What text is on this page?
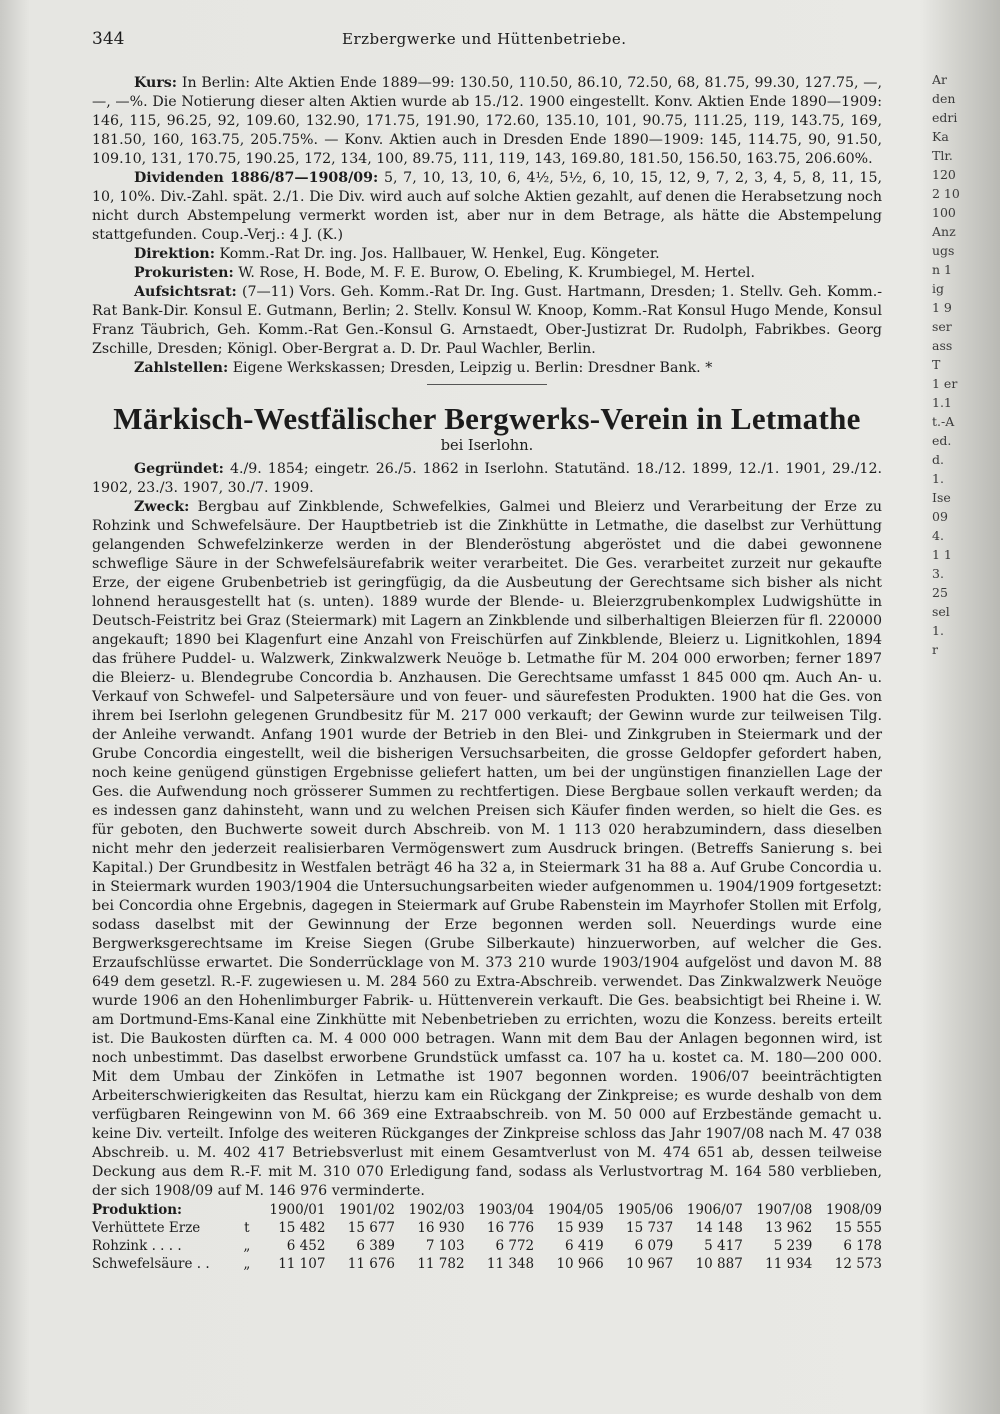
344	Erzbergwerke und Hüttenbetriebe.

Kurs: In Berlin: Alte Aktien Ende 1889—99: 130.50, 110.50, 86.10, 72.50, 68, 81.75, 99.30, 127.75, —, —, —%. Die Notierung dieser alten Aktien wurde ab 15./12. 1900 eingestellt. Konv. Aktien Ende 1890—1909: 146, 115, 96.25, 92, 109.60, 132.90, 171.75, 191.90, 172.60, 135.10, 101, 90.75, 111.25, 119, 143.75, 169, 181.50, 160, 163.75, 205.75%. — Konv. Aktien auch in Dresden Ende 1890—1909: 145, 114.75, 90, 91.50, 109.10, 131, 170.75, 190.25, 172, 134, 100, 89.75, 111, 119, 143, 169.80, 181.50, 156.50, 163.75, 206.60%.

Dividenden 1886/87—1908/09: 5, 7, 10, 13, 10, 6, 4½, 5½, 6, 10, 15, 12, 9, 7, 2, 3, 4, 5, 8, 11, 15, 10, 10%. Div.-Zahl. spät. 2./1. Die Div. wird auch auf solche Aktien gezahlt, auf denen die Herabsetzung noch nicht durch Abstempelung vermerkt worden ist, aber nur in dem Betrage, als hätte die Abstempelung stattgefunden. Coup.-Verj.: 4 J. (K.)

Direktion: Komm.-Rat Dr. ing. Jos. Hallbauer, W. Henkel, Eug. Köngeter.

Prokuristen: W. Rose, H. Bode, M. F. E. Burow, O. Ebeling, K. Krumbiegel, M. Hertel.

Aufsichtsrat: (7—11) Vors. Geh. Komm.-Rat Dr. Ing. Gust. Hartmann, Dresden; 1. Stellv. Geh. Komm.-Rat Bank-Dir. Konsul E. Gutmann, Berlin; 2. Stellv. Konsul W. Knoop, Komm.-Rat Konsul Hugo Mende, Konsul Franz Täubrich, Geh. Komm.-Rat Gen.-Konsul G. Arnstaedt, Ober-Justizrat Dr. Rudolph, Fabrikbes. Georg Zschille, Dresden; Königl. Ober-Bergrat a. D. Dr. Paul Wachler, Berlin.

Zahlstellen: Eigene Werkskassen; Dresden, Leipzig u. Berlin: Dresdner Bank. *

Märkisch-Westfälischer Bergwerks-Verein in Letmathe
bei Iserlohn.

Gegründet: 4./9. 1854; eingetr. 26./5. 1862 in Iserlohn. Statutänd. 18./12. 1899, 12./1. 1901, 29./12. 1902, 23./3. 1907, 30./7. 1909.

Zweck: Bergbau auf Zinkblende, Schwefelkies, Galmei und Bleierz und Verarbeitung der Erze zu Rohzink und Schwefelsäure. Der Hauptbetrieb ist die Zinkhütte in Letmathe, die daselbst zur Verhüttung gelangenden Schwefelzinkerze werden in der Blenderöstung abgeröstet und die dabei gewonnene schweflige Säure in der Schwefelsäurefabrik weiter verarbeitet. Die Ges. verarbeitet zurzeit nur gekaufte Erze, der eigene Grubenbetrieb ist geringfügig, da die Ausbeutung der Gerechtsame sich bisher als nicht lohnend herausgestellt hat (s. unten). 1889 wurde der Blende- u. Bleierzgrubenkomplex Ludwigshütte in Deutsch-Feistritz bei Graz (Steiermark) mit Lagern an Zinkblende und silberhaltigen Bleierzen für fl. 220000 angekauft; 1890 bei Klagenfurt eine Anzahl von Freischürfen auf Zinkblende, Bleierz u. Lignitkohlen, 1894 das frühere Puddel- u. Walzwerk, Zinkwalzwerk Neuöge b. Letmathe für M. 204 000 erworben; ferner 1897 die Bleierz- u. Blendegrube Concordia b. Anzhausen. Die Gerechtsame umfasst 1 845 000 qm. Auch An- u. Verkauf von Schwefel- und Salpetersäure und von feuer- und säurefesten Produkten. 1900 hat die Ges. von ihrem bei Iserlohn gelegenen Grundbesitz für M. 217 000 verkauft; der Gewinn wurde zur teilweisen Tilg. der Anleihe verwandt. Anfang 1901 wurde der Betrieb in den Blei- und Zinkgruben in Steiermark und der Grube Concordia eingestellt, weil die bisherigen Versuchsarbeiten, die grosse Geldopfer gefordert haben, noch keine genügend günstigen Ergebnisse geliefert hatten, um bei der ungünstigen finanziellen Lage der Ges. die Aufwendung noch grösserer Summen zu rechtfertigen. Diese Bergbaue sollen verkauft werden; da es indessen ganz dahinsteht, wann und zu welchen Preisen sich Käufer finden werden, so hielt die Ges. es für geboten, den Buchwerte soweit durch Abschreib. von M. 1 113 020 herabzumindern, dass dieselben nicht mehr den jederzeit realisierbaren Vermögenswert zum Ausdruck bringen. (Betreffs Sanierung s. bei Kapital.) Der Grundbesitz in Westfalen beträgt 46 ha 32 a, in Steiermark 31 ha 88 a. Auf Grube Concordia u. in Steiermark wurden 1903/1904 die Untersuchungsarbeiten wieder aufgenommen u. 1904/1909 fortgesetzt: bei Concordia ohne Ergebnis, dagegen in Steiermark auf Grube Rabenstein im Mayrhofer Stollen mit Erfolg, sodass daselbst mit der Gewinnung der Erze begonnen werden soll. Neuerdings wurde eine Bergwerksgerechtsame im Kreise Siegen (Grube Silberkaute) hinzuerworben, auf welcher die Ges. Erzaufschlüsse erwartet. Die Sonderrücklage von M. 373 210 wurde 1903/1904 aufgelöst und davon M. 88 649 dem gesetzl. R.-F. zugewiesen u. M. 284 560 zu Extra-Abschreib. verwendet. Das Zinkwalzwerk Neuöge wurde 1906 an den Hohenlimburger Fabrik- u. Hüttenverein verkauft. Die Ges. beabsichtigt bei Rheine i. W. am Dortmund-Ems-Kanal eine Zinkhütte mit Nebenbetrieben zu errichten, wozu die Konzess. bereits erteilt ist. Die Baukosten dürften ca. M. 4 000 000 betragen. Wann mit dem Bau der Anlagen begonnen wird, ist noch unbestimmt. Das daselbst erworbene Grundstück umfasst ca. 107 ha u. kostet ca. M. 180—200 000. Mit dem Umbau der Zinköfen in Letmathe ist 1907 begonnen worden. 1906/07 beeinträchtigten Arbeiterschwierigkeiten das Resultat, hierzu kam ein Rückgang der Zinkpreise; es wurde deshalb von dem verfügbaren Reingewinn von M. 66 369 eine Extraabschreib. von M. 50 000 auf Erzbestände gemacht u. keine Div. verteilt. Infolge des weiteren Rückganges der Zinkpreise schloss das Jahr 1907/08 nach M. 47 038 Abschreib. u. M. 402 417 Betriebsverlust mit einem Gesamtverlust von M. 474 651 ab, dessen teilweise Deckung aus dem R.-F. mit M. 310 070 Erledigung fand, sodass als Verlustvortrag M. 164 580 verblieben, der sich 1908/09 auf M. 146 976 verminderte.

Produktion:		1900/01	1901/02	1902/03	1903/04	1904/05	1905/06	1906/07	1907/08	1908/09
Verhüttete Erze	t	15 482	15 677	16 930	16 776	15 939	15 737	14 148	13 962	15 555
Rohzink . . . .	„	6 452	6 389	7 103	6 772	6 419	6 079	5 417	5 239	6 178
Schwefelsäure . .	„	11 107	11 676	11 782	11 348	10 966	10 967	10 887	11 934	12 573
Ar
den
edri
Ka
Tlr.
120
2 10
100
Anz
ugs
n 1
ig
1 9
ser
ass
T
1 er
1.1
t.-A
ed.
d.
1.
Ise
09
4.
1 1
3.
25
sel
1.
r
